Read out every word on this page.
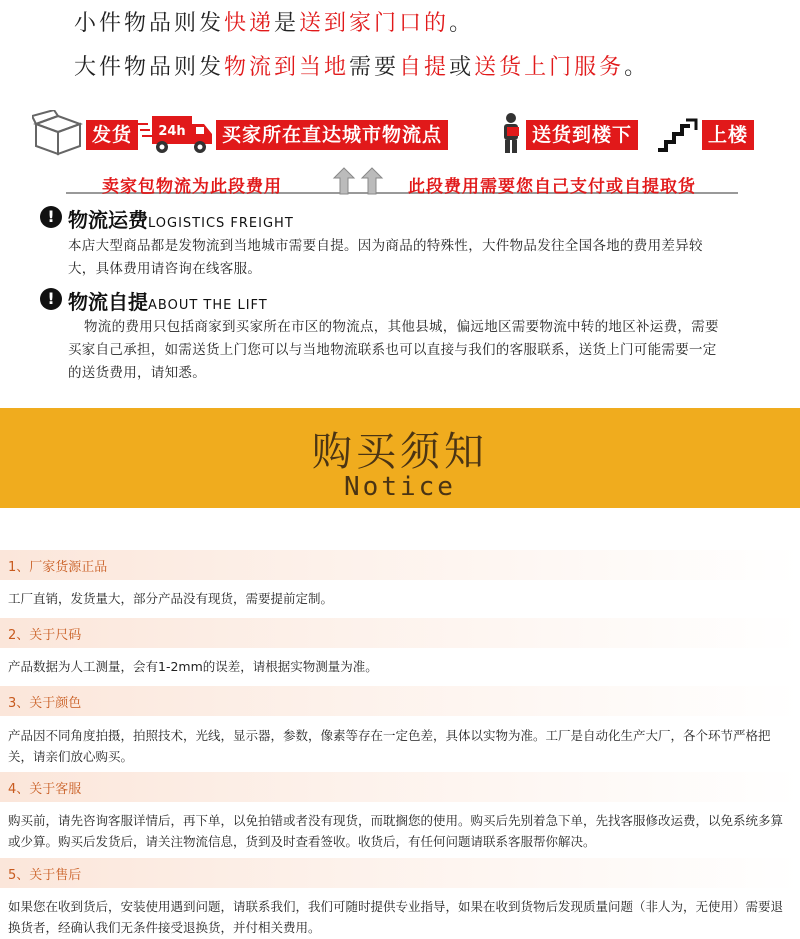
小件物品则发快递是送到家门口的。
大件物品则发物流到当地需要自提或送货上门服务。
发货	24h	买家所在直达城市物流点	送货到楼下	上楼
卖家包物流为此段费用	此段费用需要您自己支付或自提取货
! 物流运费LOGISTICS FREIGHT
本店大型商品都是发物流到当地城市需要自提。因为商品的特殊性，大件物品发往全国各地的费用差异较大，具体费用请咨询在线客服。
! 物流自提ABOUT THE LIFT
物流的费用只包括商家到买家所在市区的物流点，其他县城，偏远地区需要物流中转的地区补运费，需要买家自己承担，如需送货上门您可以与当地物流联系也可以直接与我们的客服联系，送货上门可能需要一定的送货费用，请知悉。
购买须知
Notice
1、厂家货源正品
工厂直销，发货量大，部分产品没有现货，需要提前定制。
2、关于尺码
产品数据为人工测量，会有1-2mm的误差，请根据实物测量为准。
3、关于颜色
产品因不同角度拍摄，拍照技术，光线，显示器，参数，像素等存在一定色差，具体以实物为准。工厂是自动化生产大厂，各个环节严格把关，请亲们放心购买。
4、关于客服
购买前，请先咨询客服详情后，再下单，以免拍错或者没有现货，而耽搁您的使用。购买后先别着急下单，先找客服修改运费，以免系统多算或少算。购买后发货后，请关注物流信息，货到及时查看签收。收货后，有任何问题请联系客服帮你解决。
5、关于售后
如果您在收到货后，安装使用遇到问题，请联系我们，我们可随时提供专业指导，如果在收到货物后发现质量问题（非人为，无使用）需要退换货者，经确认我们无条件接受退换货，并付相关费用。
